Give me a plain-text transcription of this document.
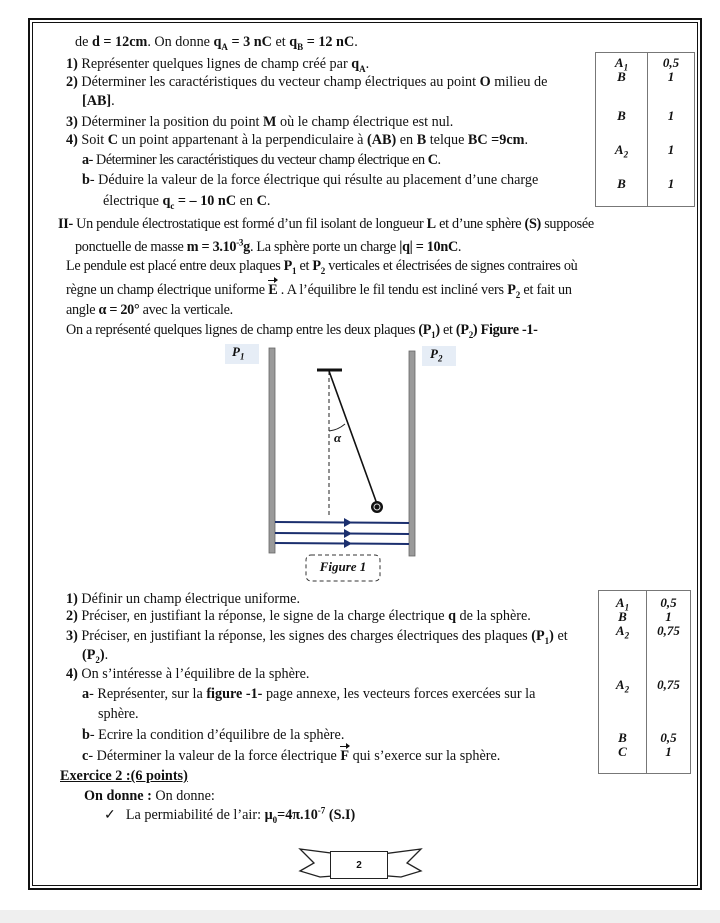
de d = 12cm. On donne $q_A = 3$ nC et $q_B = 12$ nC.
1) Représenter quelques lignes de champ créé par $q_A$.
2) Déterminer les caractéristiques du vecteur champ électriques au point O milieu de
[AB].
3) Déterminer la position du point M où le champ électrique est nul.
4) Soit C un point appartenant à la perpendiculaire à (AB) en B telque BC =9cm.
a- Déterminer les caractéristiques du vecteur champ électrique en C.
b- Déduire la valeur de la force électrique qui résulte au placement d’une charge
électrique $q_c$ = – 10 nC en C.
$A_1$
B
B
$A_2$
B
0,5
1
1
1
1
II- Un pendule électrostatique est formé d’un fil isolant de longueur L et d’une sphère (S) supposée
ponctuelle de masse $m = 3.10^{-3}g$. La sphère porte un charge |q| = 10nC.
Le pendule est placé entre deux plaques $P_1$ et $P_2$ verticales et électrisées de signes contraires où
règne un champ électrique uniforme E . A l’équilibre le fil tendu est incliné vers $P_2$ et fait un
angle α = 20° avec la verticale.
On a représenté quelques lignes de champ entre les deux plaques $(P_1)$ et $(P_2)$ Figure -1-
$P_1$	$P_2$
α
Figure 1
1) Définir un champ électrique uniforme.
2) Préciser, en justifiant la réponse, le signe de la charge électrique q de la sphère.
3) Préciser, en justifiant la réponse, les signes des charges électriques des plaques $(P_1)$ et
$(P_2)$.
4) On s’intéresse à l’équilibre de la sphère.
a- Représenter, sur la figure -1- page annexe, les vecteurs forces exercées sur la
sphère.
b- Ecrire la condition d’équilibre de la sphère.
c- Déterminer la valeur de la force électrique F qui s’exerce sur la sphère.
$A_1$
B
$A_2$
$A_2$
B
C
0,5
1
0,75
0,75
0,5
1
Exercice 2 :(6 points)
On donne : On donne:
✓ La permiabilité de l’air: $\mu_0=4\pi.10^{-7}$ (S.I)
2
